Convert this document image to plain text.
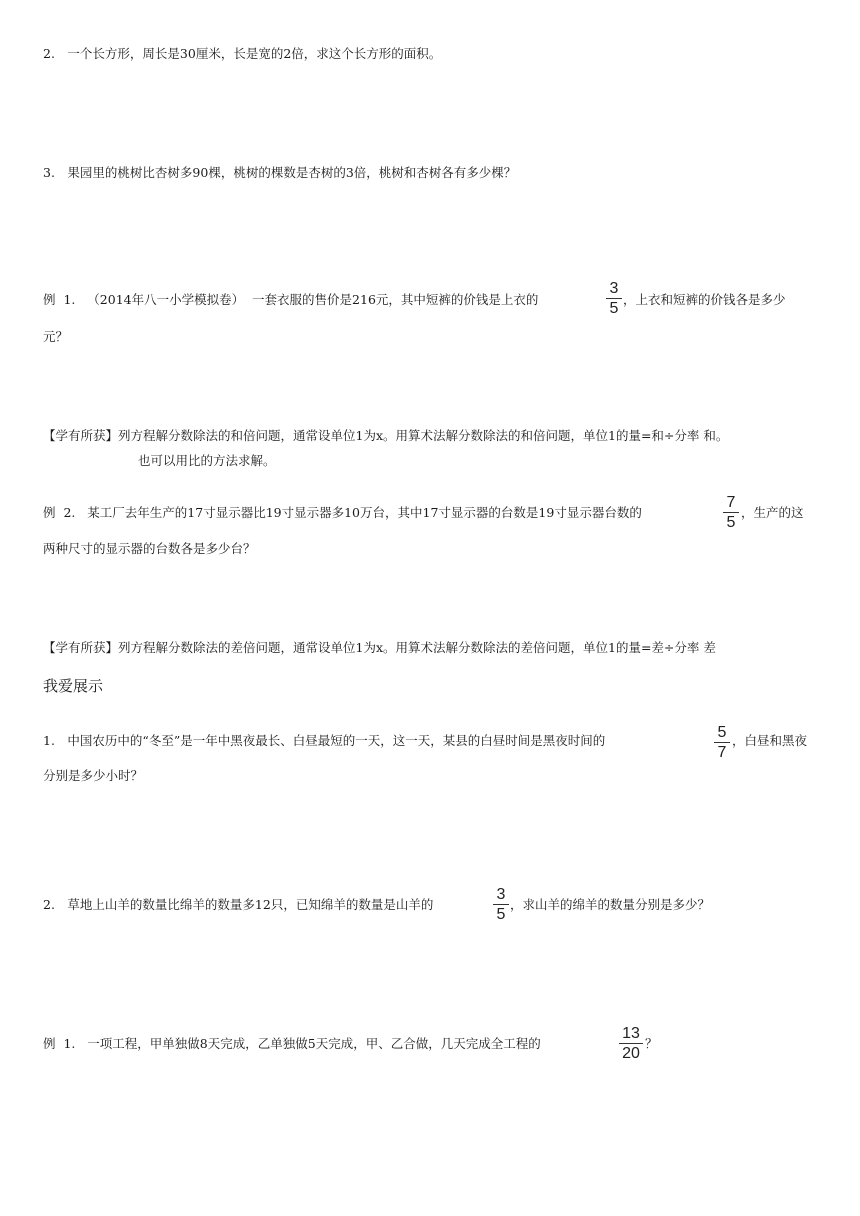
2.　一个长方形，周长是30厘米，长是宽的2倍，求这个长方形的面积。
3.　果园里的桃树比杏树多90棵，桃树的棵数是杏树的3倍，桃树和杏树各有多少棵？
例  1.   （2014年八一小学模拟卷）  一套衣服的售价是216元，其中短裤的价钱是上衣的
3
5
，上衣和短裤的价钱各是多少
元？
【学有所获】列方程解分数除法的和倍问题，通常设单位1为x。用算术法解分数除法的和倍问题，单位1的量=和÷分率 和。
也可以用比的方法求解。
例  2.   某工厂去年生产的17寸显示器比19寸显示器多10万台，其中17寸显示器的台数是19寸显示器台数的
7
5
，生产的这
两种尺寸的显示器的台数各是多少台？
【学有所获】列方程解分数除法的差倍问题，通常设单位1为x。用算术法解分数除法的差倍问题，单位1的量=差÷分率 差
我爱展示
1.　中国农历中的“冬至”是一年中黑夜最长、白昼最短的一天，这一天，某县的白昼时间是黑夜时间的	5
7
，白昼和黑夜
分别是多少小时？
2.　草地上山羊的数量比绵羊的数量多12只，已知绵羊的数量是山羊的
3
5
，求山羊的绵羊的数量分别是多少？
例  1.   一项工程，甲单独做8天完成，乙单独做5天完成，甲、乙合做，几天完成全工程的
13
20
？
